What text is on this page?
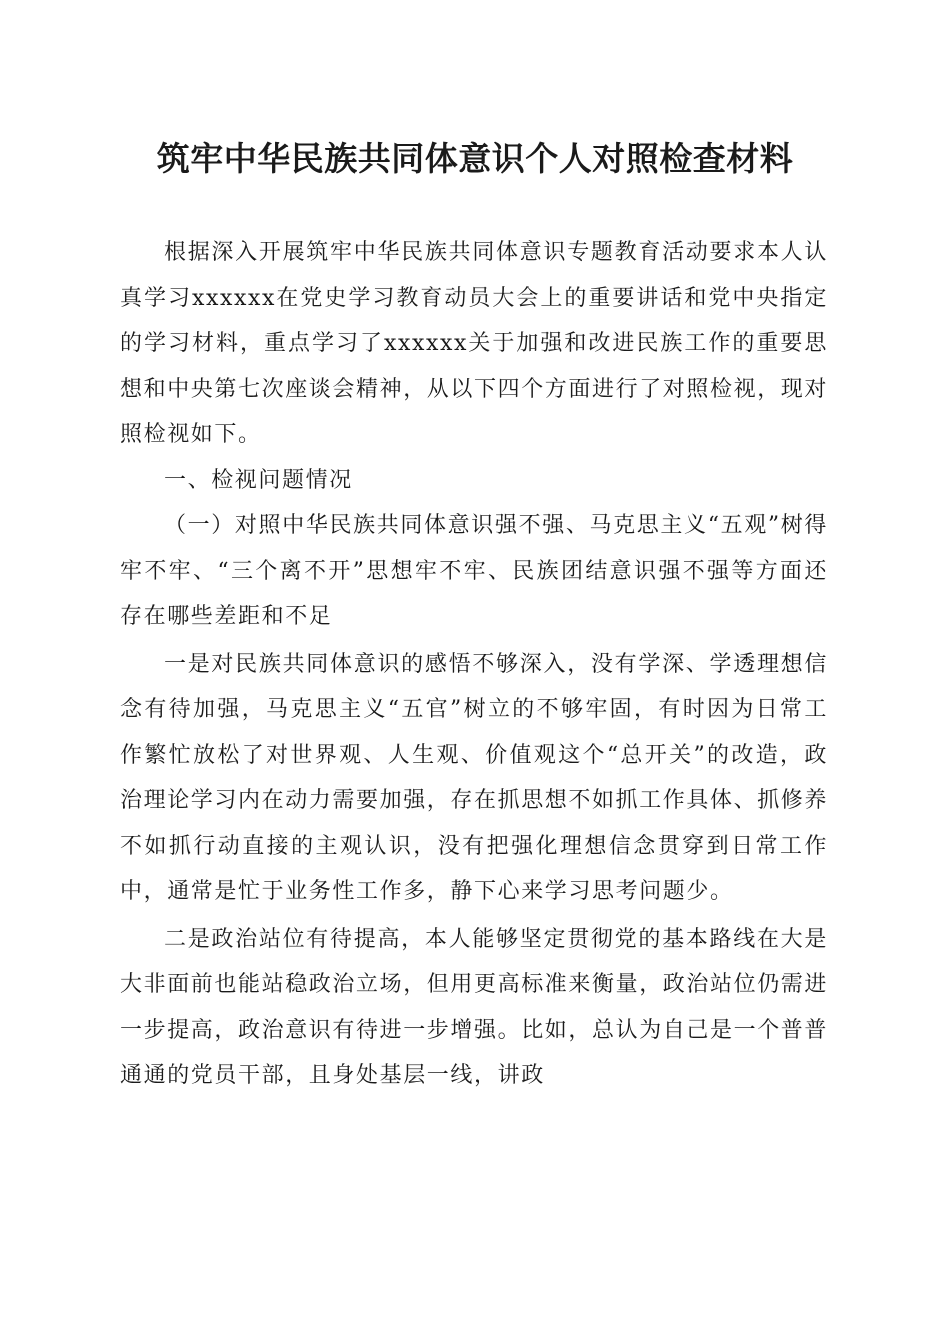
筑牢中华民族共同体意识个人对照检查材料

根据深入开展筑牢中华民族共同体意识专题教育活动要求本人认真学习xxxxxx在党史学习教育动员大会上的重要讲话和党中央指定的学习材料，重点学习了xxxxxx关于加强和改进民族工作的重要思想和中央第七次座谈会精神，从以下四个方面进行了对照检视，现对照检视如下。

一、检视问题情况

（一）对照中华民族共同体意识强不强、马克思主义“五观”树得牢不牢、“三个离不开”思想牢不牢、民族团结意识强不强等方面还存在哪些差距和不足

一是对民族共同体意识的感悟不够深入，没有学深、学透理想信念有待加强，马克思主义“五官”树立的不够牢固，有时因为日常工作繁忙放松了对世界观、人生观、价值观这个“总开关”的改造，政治理论学习内在动力需要加强，存在抓思想不如抓工作具体、抓修养不如抓行动直接的主观认识，没有把强化理想信念贯穿到日常工作中，通常是忙于业务性工作多，静下心来学习思考问题少。

二是政治站位有待提高，本人能够坚定贯彻党的基本路线在大是大非面前也能站稳政治立场，但用更高标准来衡量，政治站位仍需进一步提高，政治意识有待进一步增强。比如，总认为自己是一个普普通通的党员干部，且身处基层一线，讲政
